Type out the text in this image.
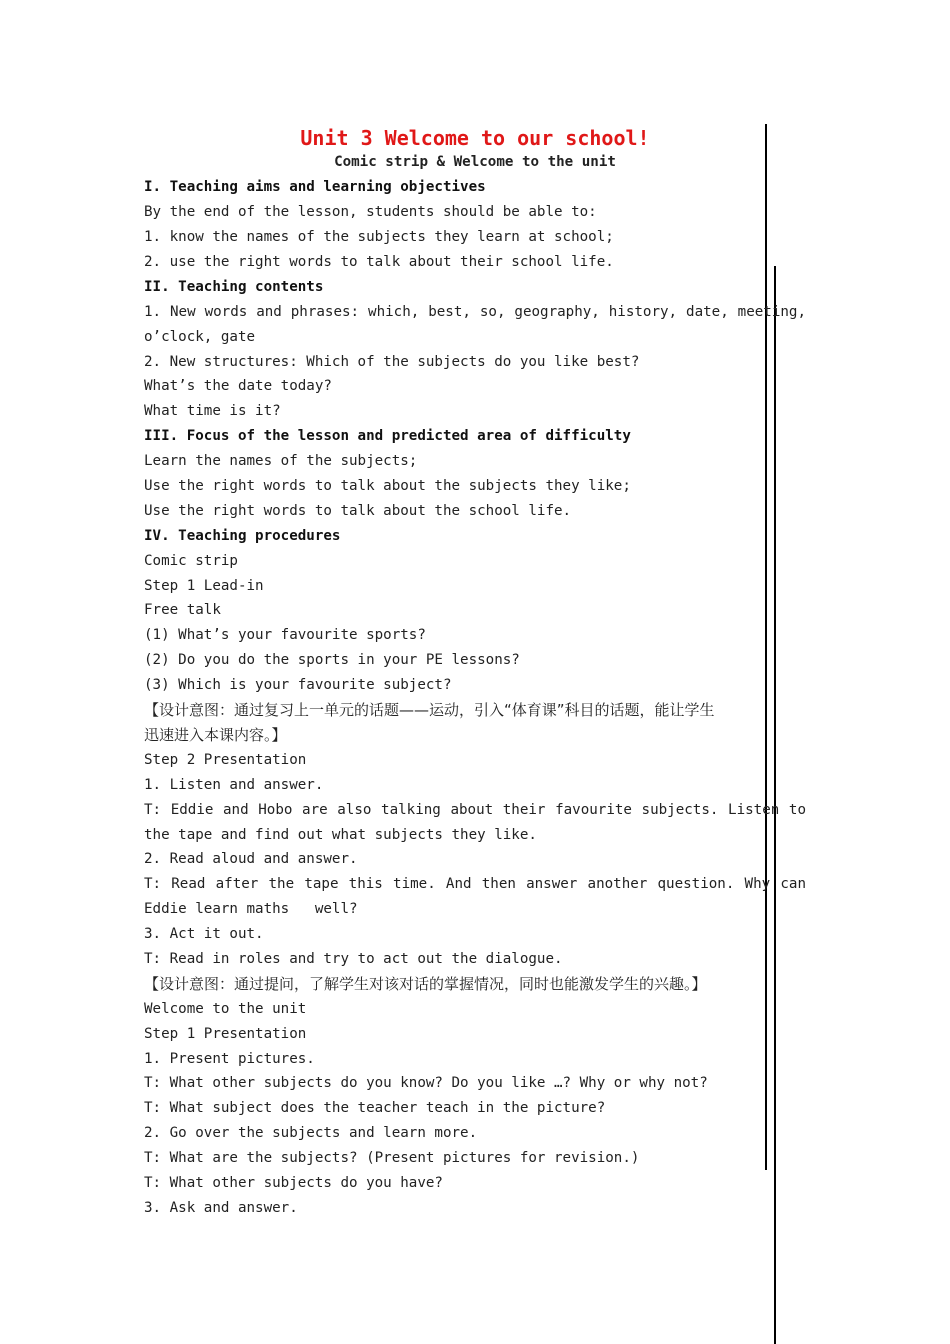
Unit 3 Welcome to our school!
Comic strip & Welcome to the unit

I. Teaching aims and learning objectives

By the end of the lesson, students should be able to:

1. know the names of the subjects they learn at school;

2. use the right words to talk about their school life.

II. Teaching contents

1. New words and phrases: which, best, so, geography, history, date, meeting,

o’clock, gate

2. New structures: Which of the subjects do you like best?

What’s the date today?

What time is it?

III. Focus of the lesson and predicted area of difficulty

Learn the names of the subjects;

Use the right words to talk about the subjects they like;

Use the right words to talk about the school life.

IV. Teaching procedures

Comic strip

Step 1 Lead-in

Free talk

(1) What’s your favourite sports?

(2) Do you do the sports in your PE lessons?

(3) Which is your favourite subject?

【设计意图：通过复习上一单元的话题——运动，引入“体育课”科目的话题，能让学生

迅速进入本课内容。】

Step 2 Presentation

1. Listen and answer.

T: Eddie and Hobo are also talking about their favourite subjects. Listen to

the tape and find out what subjects they like.

2. Read aloud and answer.

T: Read after the tape this time. And then answer another question. Why can

Eddie learn maths   well?

3. Act it out.

T: Read in roles and try to act out the dialogue.

【设计意图：通过提问，了解学生对该对话的掌握情况，同时也能激发学生的兴趣。】

Welcome to the unit

Step 1 Presentation

1. Present pictures.

T: What other subjects do you know? Do you like …? Why or why not?

T: What subject does the teacher teach in the picture?

2. Go over the subjects and learn more.

T: What are the subjects? (Present pictures for revision.)

T: What other subjects do you have?

3. Ask and answer.
